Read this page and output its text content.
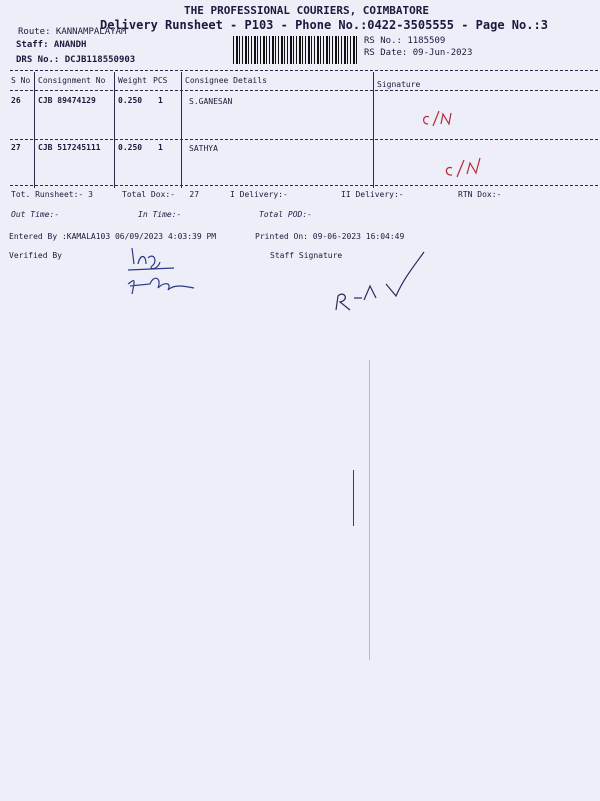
THE PROFESSIONAL COURIERS, COIMBATORE
Delivery Runsheet - P103 - Phone No.:0422-3505555 - Page No.:3
Route: KANNAMPALAYAM
Staff: ANANDH
DRS No.: DCJB118550903
RS No.: 1185509
RS Date: 09-Jun-2023
S No Consignment No Weight PCS Consignee Details	Signature
26 CJB 89474129	0.250 1	S.GANESAN
27 CJB 517245111 0.250 1	SATHYA
Tot. Runsheet:- 3	Total Dox:-   27	I Delivery:-	II Delivery:-	RTN Dox:-
Out Time:-	In Time:-	Total POD:-
Entered By :KAMALA103 06/09/2023 4:03:39 PM	Printed On: 09-06-2023 16:04:49
Verified By	Staff Signature
